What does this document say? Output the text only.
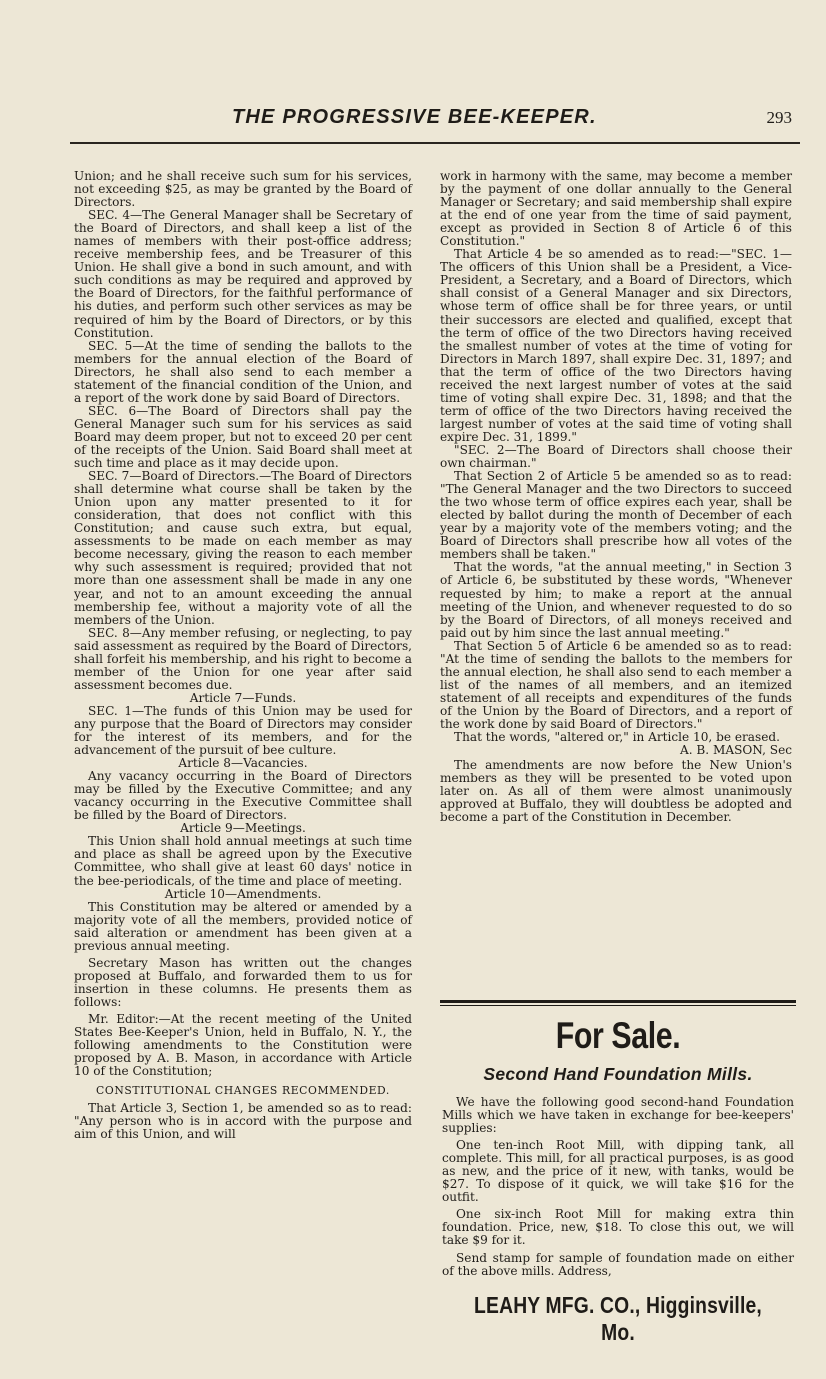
THE PROGRESSIVE BEE-KEEPER.	293

Union; and he shall receive such sum for his services, not exceeding $25, as may be granted by the Board of Directors.

SEC. 4—The General Manager shall be Secretary of the Board of Directors, and shall keep a list of the names of members with their post-office address; receive membership fees, and be Treasurer of this Union. He shall give a bond in such amount, and with such conditions as may be required and approved by the Board of Directors, for the faithful performance of his duties, and perform such other services as may be required of him by the Board of Directors, or by this Constitution.

SEC. 5—At the time of sending the ballots to the members for the annual election of the Board of Directors, he shall also send to each member a statement of the financial condition of the Union, and a report of the work done by said Board of Directors.

SEC. 6—The Board of Directors shall pay the General Manager such sum for his services as said Board may deem proper, but not to exceed 20 per cent of the receipts of the Union. Said Board shall meet at such time and place as it may decide upon.

SEC. 7—Board of Directors.—The Board of Directors shall determine what course shall be taken by the Union upon any matter presented to it for consideration, that does not conflict with this Constitution; and cause such extra, but equal, assessments to be made on each member as may become necessary, giving the reason to each member why such assessment is required; provided that not more than one assessment shall be made in any one year, and not to an amount exceeding the annual membership fee, without a majority vote of all the members of the Union.

SEC. 8—Any member refusing, or neglecting, to pay said assessment as required by the Board of Directors, shall forfeit his membership, and his right to become a member of the Union for one year after said assessment becomes due.

Article 7—Funds.

SEC. 1—The funds of this Union may be used for any purpose that the Board of Directors may consider for the interest of its members, and for the advancement of the pursuit of bee culture.

Article 8—Vacancies.

Any vacancy occurring in the Board of Directors may be filled by the Executive Committee; and any vacancy occurring in the Executive Committee shall be filled by the Board of Directors.

Article 9—Meetings.

This Union shall hold annual meetings at such time and place as shall be agreed upon by the Executive Committee, who shall give at least 60 days' notice in the bee-periodicals, of the time and place of meeting.

Article 10—Amendments.

This Constitution may be altered or amended by a majority vote of all the members, provided notice of said alteration or amendment has been given at a previous annual meeting.

Secretary Mason has written out the changes proposed at Buffalo, and forwarded them to us for insertion in these columns. He presents them as follows:

Mr. Editor:—At the recent meeting of the United States Bee-Keeper's Union, held in Buffalo, N. Y., the following amendments to the Constitution were proposed by A. B. Mason, in accordance with Article 10 of the Constitution;

CONSTITUTIONAL CHANGES RECOMMENDED.

That Article 3, Section 1, be amended so as to read: "Any person who is in accord with the purpose and aim of this Union, and will

work in harmony with the same, may become a member by the payment of one dollar annually to the General Manager or Secretary; and said membership shall expire at the end of one year from the time of said payment, except as provided in Section 8 of Article 6 of this Constitution."

That Article 4 be so amended as to read:—"SEC. 1—The officers of this Union shall be a President, a Vice-President, a Secretary, and a Board of Directors, which shall consist of a General Manager and six Directors, whose term of office shall be for three years, or until their successors are elected and qualified, except that the term of office of the two Directors having received the smallest number of votes at the time of voting for Directors in March 1897, shall expire Dec. 31, 1897; and that the term of office of the two Directors having received the next largest number of votes at the said time of voting shall expire Dec. 31, 1898; and that the term of office of the two Directors having received the largest number of votes at the said time of voting shall expire Dec. 31, 1899."

"SEC. 2—The Board of Directors shall choose their own chairman."

That Section 2 of Article 5 be amended so as to read: "The General Manager and the two Directors to succeed the two whose term of office expires each year, shall be elected by ballot during the month of December of each year by a majority vote of the members voting; and the Board of Directors shall prescribe how all votes of the members shall be taken."

That the words, "at the annual meeting," in Section 3 of Article 6, be substituted by these words, "Whenever requested by him; to make a report at the annual meeting of the Union, and whenever requested to do so by the Board of Directors, of all moneys received and paid out by him since the last annual meeting."

That Section 5 of Article 6 be amended so as to read: "At the time of sending the ballots to the members for the annual election, he shall also send to each member a list of the names of all members, and an itemized statement of all receipts and expenditures of the funds of the Union by the Board of Directors, and a report of the work done by said Board of Directors."

That the words, "altered or," in Article 10, be erased.

A. B. MASON, Sec

The amendments are now before the New Union's members as they will be presented to be voted upon later on. As all of them were almost unanimously approved at Buffalo, they will doubtless be adopted and become a part of the Constitution in December.

For Sale.
Second Hand Foundation Mills.

We have the following good second-hand Foundation Mills which we have taken in exchange for bee-keepers' supplies:

One ten-inch Root Mill, with dipping tank, all complete. This mill, for all practical purposes, is as good as new, and the price of it new, with tanks, would be $27. To dispose of it quick, we will take $16 for the outfit.

One six-inch Root Mill for making extra thin foundation. Price, new, $18. To close this out, we will take $9 for it.

Send stamp for sample of foundation made on either of the above mills. Address,

LEAHY MFG. CO., Higginsville, Mo.
